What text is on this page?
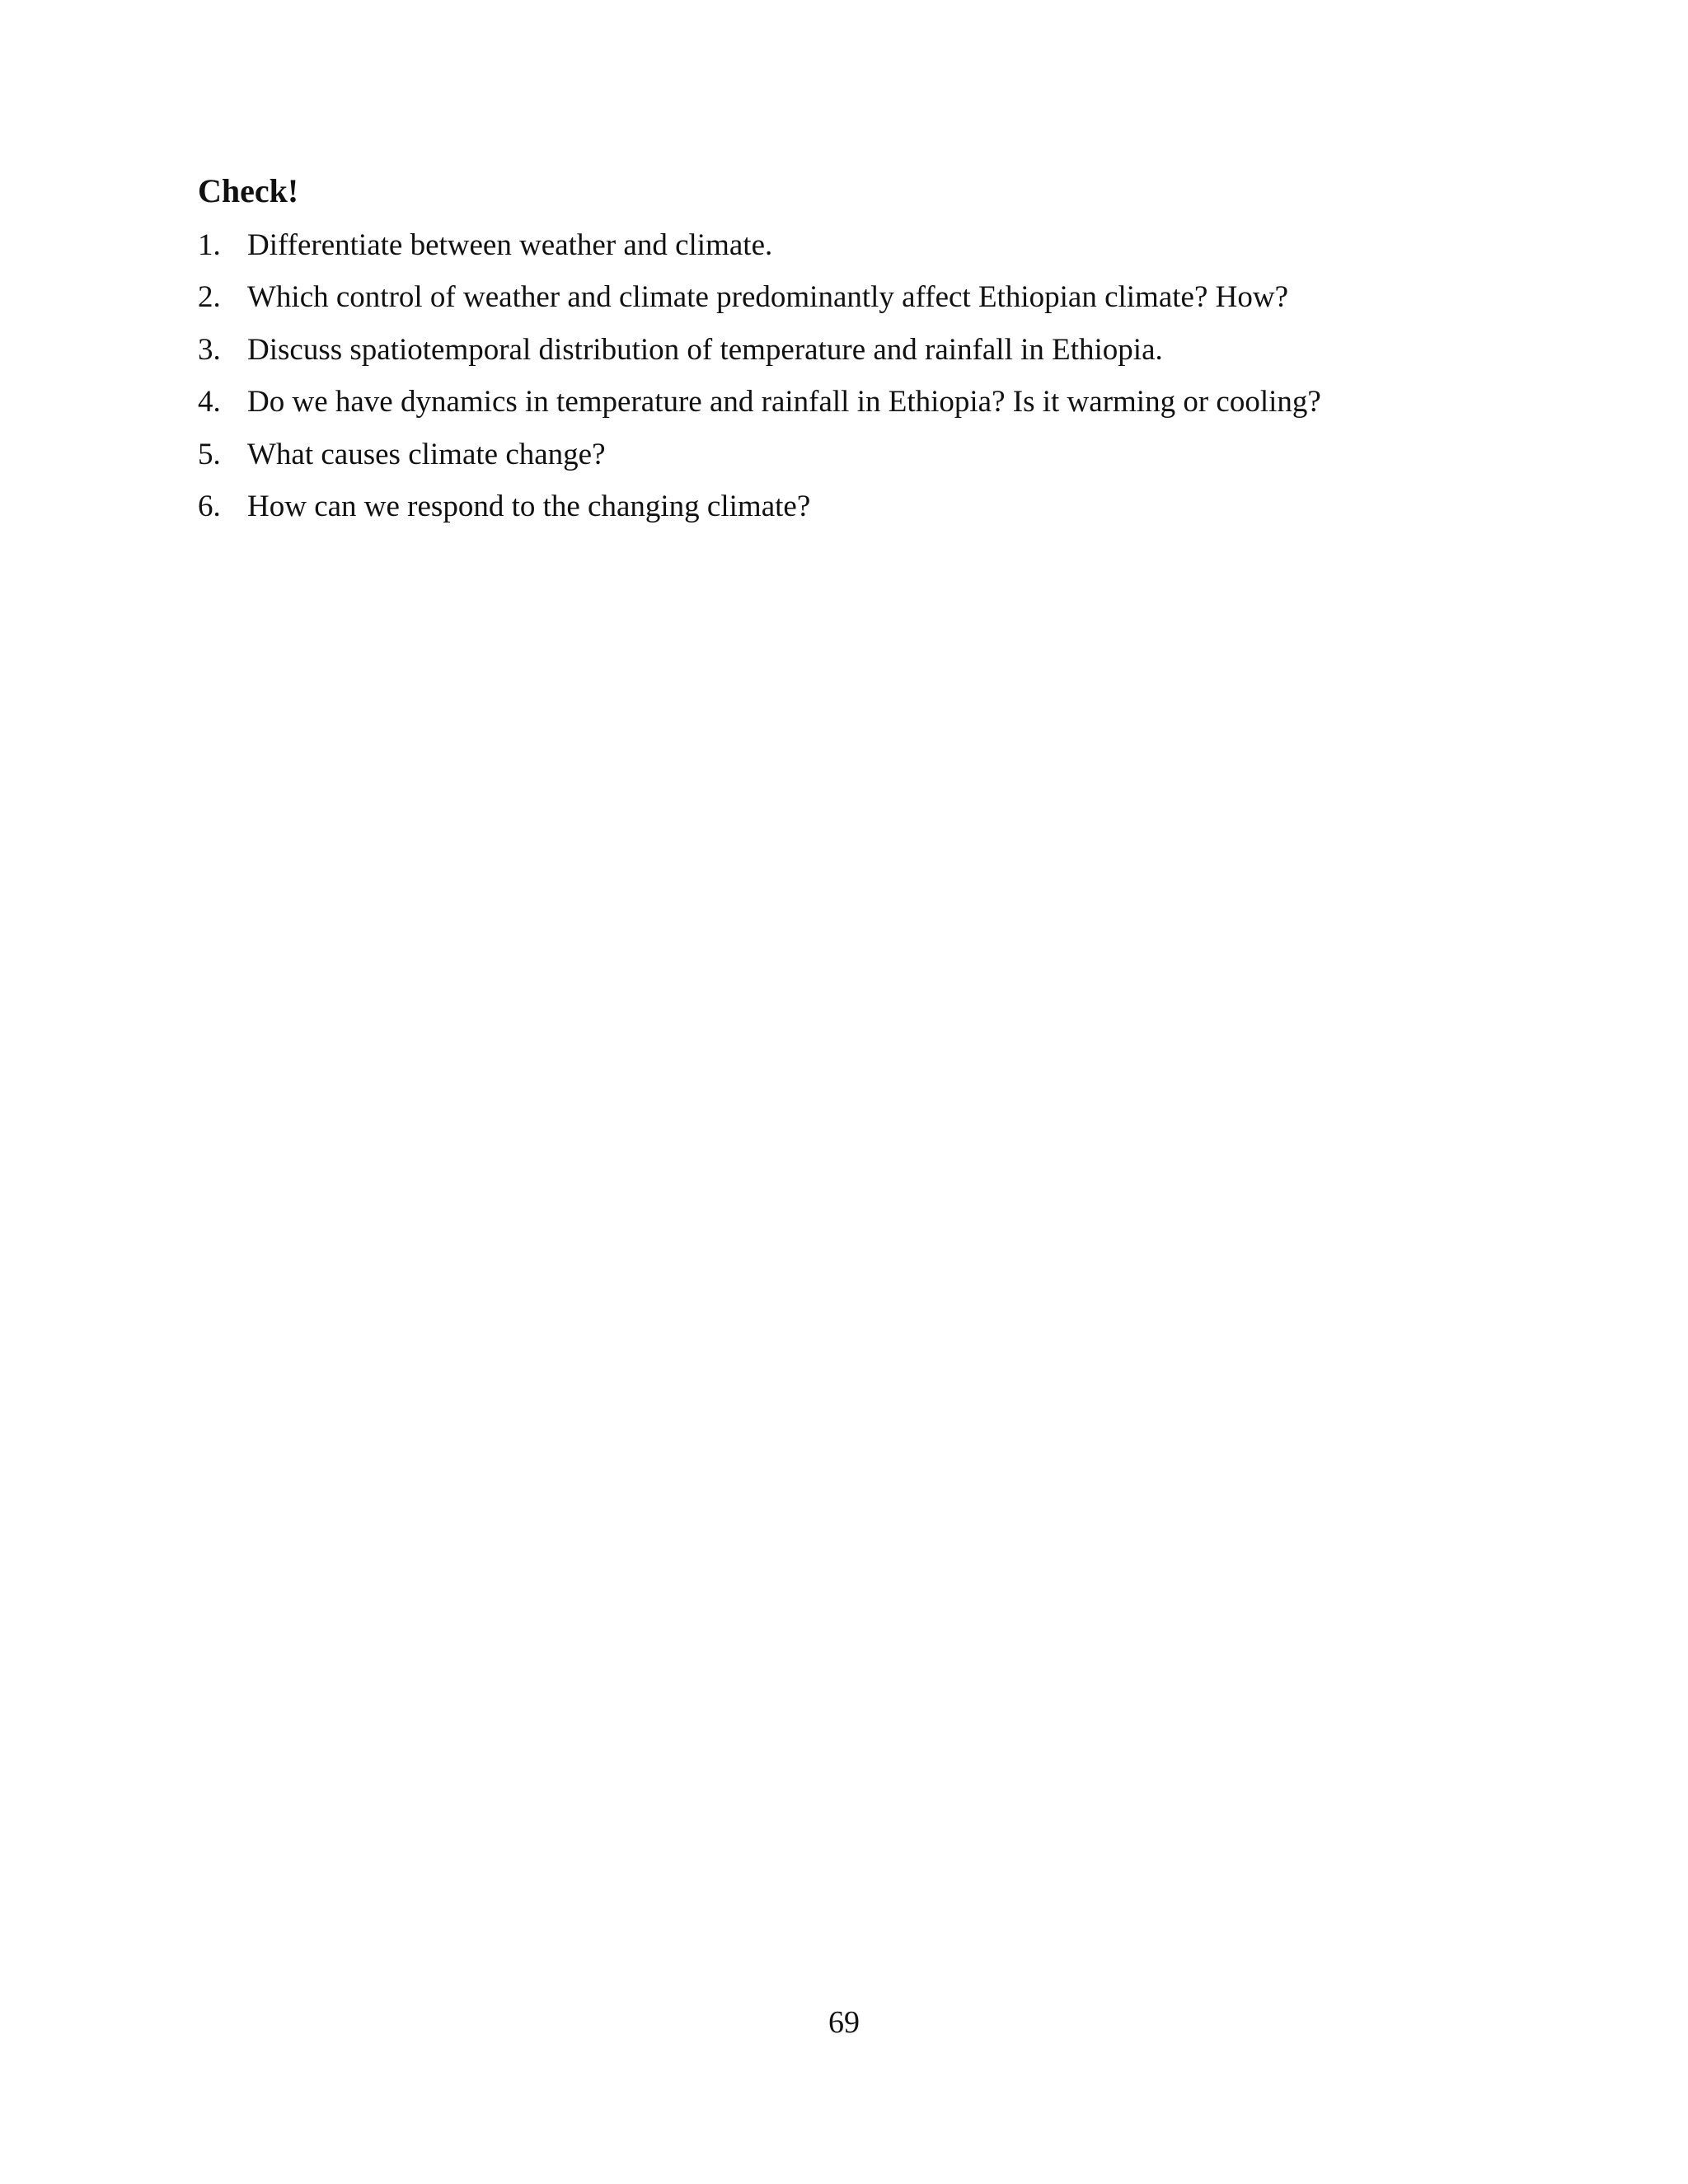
Check!
1. Differentiate between weather and climate.
2. Which control of weather and climate predominantly affect Ethiopian climate? How?
3. Discuss spatiotemporal distribution of temperature and rainfall in Ethiopia.
4. Do we have dynamics in temperature and rainfall in Ethiopia? Is it warming or cooling?
5. What causes climate change?
6. How can we respond to the changing climate?
69
